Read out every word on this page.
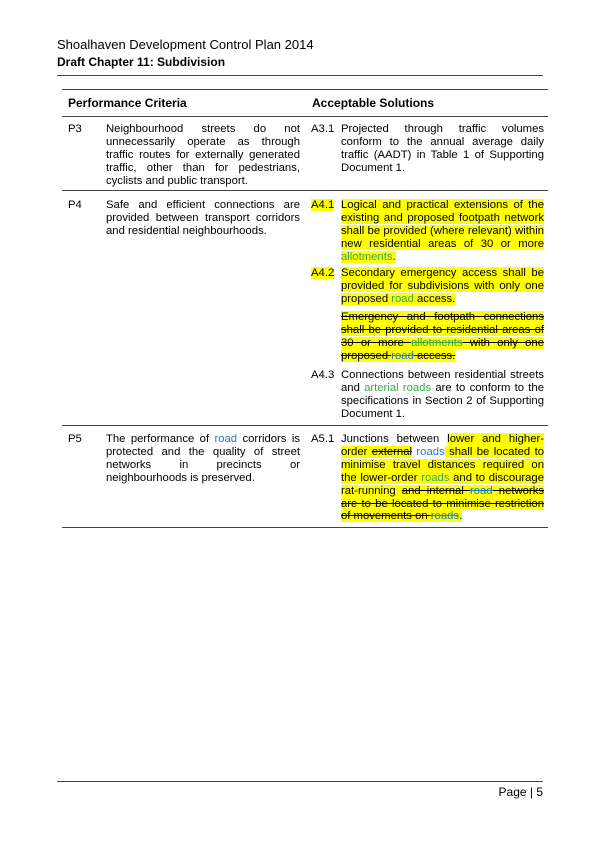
Shoalhaven Development Control Plan 2014
Draft Chapter 11: Subdivision
Performance Criteria	Acceptable Solutions
P3 Neighbourhood streets do not unnecessarily operate as through traffic routes for externally generated traffic, other than for pedestrians, cyclists and public transport.
A3.1 Projected through traffic volumes conform to the annual average daily traffic (AADT) in Table 1 of Supporting Document 1.
P4 Safe and efficient connections are provided between transport corridors and residential neighbourhoods.
A4.1 Logical and practical extensions of the existing and proposed footpath network shall be provided (where relevant) within new residential areas of 30 or more allotments.
A4.2 Secondary emergency access shall be provided for subdivisions with only one proposed road access.
Emergency and footpath connections shall be provided to residential areas of 30 or more allotments with only one proposed road access.
A4.3 Connections between residential streets and arterial roads are to conform to the specifications in Section 2 of Supporting Document 1.
P5 The performance of road corridors is protected and the quality of street networks in precincts or neighbourhoods is preserved.
A5.1 Junctions between lower and higher-order external roads shall be located to minimise travel distances required on the lower-order roads and to discourage rat-running and internal road networks are to be located to minimise restriction of movements on roads.
Page | 5
